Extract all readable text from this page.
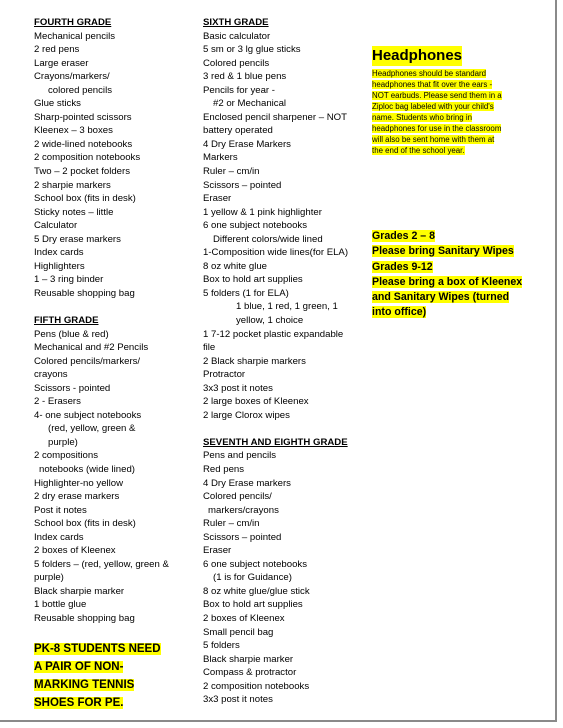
FOURTH GRADE
Mechanical pencils
2 red pens
Large eraser
Crayons/markers/
colored pencils
Glue sticks
Sharp-pointed scissors
Kleenex – 3 boxes
2 wide-lined notebooks
2 composition notebooks
Two – 2 pocket folders
2 sharpie markers
School box (fits in desk)
Sticky notes – little
Calculator
5 Dry erase markers
Index cards
Highlighters
1 – 3 ring binder
Reusable shopping bag
FIFTH GRADE
Pens (blue & red)
Mechanical and #2 Pencils
Colored pencils/markers/
crayons
Scissors - pointed
2 - Erasers
4- one subject notebooks
(red, yellow, green &
purple)
2 compositions
notebooks (wide lined)
Highlighter-no yellow
2 dry erase markers
Post it notes
School box (fits in desk)
Index cards
2 boxes of Kleenex
5 folders – (red, yellow, green &
purple)
Black sharpie marker
1 bottle glue
Reusable shopping bag
PK-8 STUDENTS NEED
A PAIR OF NON-
MARKING TENNIS
SHOES FOR PE.
SIXTH GRADE
Basic calculator
5 sm or 3 lg glue sticks
Colored pencils
3 red & 1 blue pens
Pencils for year -
#2 or Mechanical
Enclosed pencil sharpener – NOT
battery operated
4 Dry Erase Markers
Markers
Ruler – cm/in
Scissors – pointed
Eraser
1 yellow & 1 pink highlighter
6 one subject notebooks
Different colors/wide lined
1-Composition wide lines(for ELA)
8 oz white glue
Box to hold art supplies
5 folders (1 for ELA)
1 blue, 1 red, 1 green, 1
yellow, 1 choice
1 7-12 pocket plastic expandable
file
2 Black sharpie markers
Protractor
3x3 post it notes
2 large boxes of Kleenex
2 large Clorox wipes
SEVENTH AND EIGHTH GRADE
Pens and pencils
Red pens
4 Dry Erase markers
Colored pencils/
markers/crayons
Ruler – cm/in
Scissors – pointed
Eraser
6 one subject notebooks
(1 is for Guidance)
8 oz white glue/glue stick
Box to hold art supplies
2 boxes of Kleenex
Small pencil bag
5 folders
Black sharpie marker
Compass & protractor
2 composition notebooks
3x3 post it notes
Headphones
Headphones should be standard
headphones that fit over the ears -
NOT earbuds. Please send them in a
Ziploc bag labeled with your child's
name. Students who bring in
headphones for use in the classroom
will also be sent home with them at
the end of the school year.
Grades 2 – 8
Please bring Sanitary Wipes
Grades 9-12
Please bring a box of Kleenex
and Sanitary Wipes (turned
into office)
